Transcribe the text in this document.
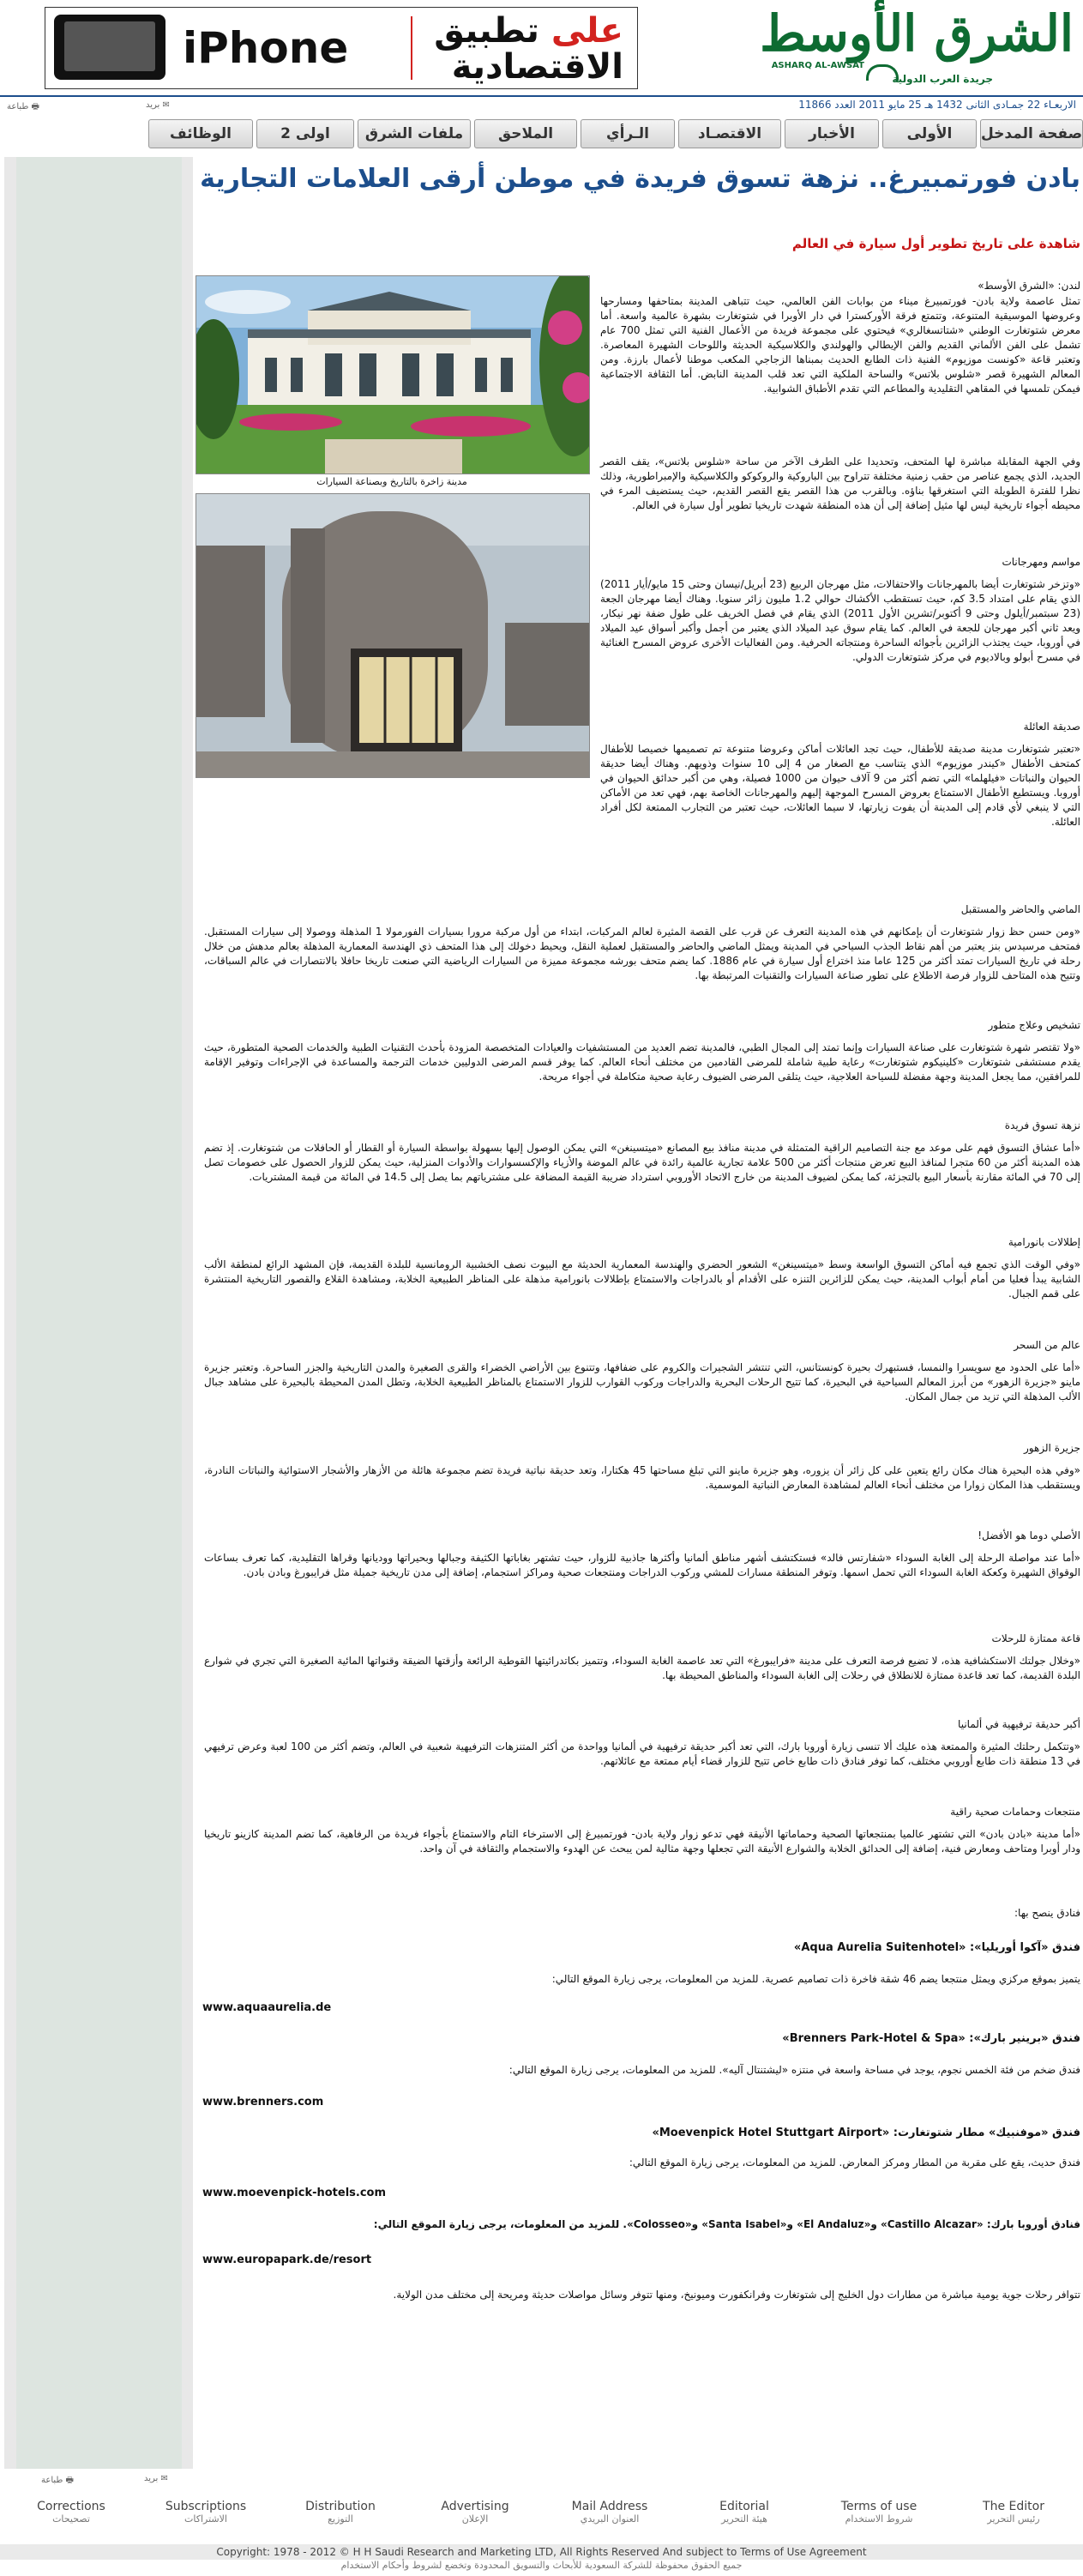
الشرق الأوسط
ASHARQ AL-AWSAT
جريدة العرب الدولية
iPhone	على تطبيق
الاقتصادية
الاربعـاء 22 جمـادى الثانى 1432 هـ 25 مايو 2011 العدد 11866
🖶 طباعة	✉ بريد
صفحة المدخل
الأولى
الأخبار
الاقتصـاد
الـرأي
الملاحق
ملفات الشرق
اولى 2
الوظائف
بادن فورتمبيرغ.. نزهة تسوق فريدة في موطن أرقى العلامات التجارية
شاهدة على تاريخ تطوير أول سيارة في العالم
مدينة زاخرة بالتاريخ وبصناعة السيارات
لندن: «الشرق الأوسط»
تمثل عاصمة ولاية بادن- فورتمبيرغ ميناء من بوابات الفن العالمي، حيث تتباهى المدينة بمتاحفها ومسارحها وعروضها الموسيقية المتنوعة، وتتمتع فرقة الأوركسترا في دار الأوبرا في شتوتغارت بشهرة عالمية واسعة. أما معرض شتوتغارت الوطني «شتاتسغالري» فيحتوي على مجموعة فريدة من الأعمال الفنية التي تمثل 700 عام تشمل على الفن الألماني القديم والفن الإيطالي والهولندي والكلاسيكية الحديثة واللوحات الشهيرة المعاصرة. وتعتبر قاعة «كونست موزيوم» الفنية ذات الطابع الحديث بمبناها الزجاجي المكعب موطنا لأعمال بارزة. ومن المعالم الشهيرة قصر «شلوس بلاتس» والساحة الملكية التي تعد قلب المدينة النابض. أما الثقافة الاجتماعية فيمكن تلمسها في المقاهي التقليدية والمطاعم التي تقدم الأطباق الشوابية.
وفي الجهة المقابلة مباشرة لها المتحف، وتحديدا على الطرف الآخر من ساحة «شلوس بلاتس»، يقف القصر الجديد، الذي يجمع عناصر من حقب زمنية مختلفة تتراوح بين الباروكية والروكوكو والكلاسيكية والإمبراطورية، وذلك نظرا للفترة الطويلة التي استغرقها بناؤه. وبالقرب من هذا القصر يقع القصر القديم، حيث يستضيف المرء في محيطه أجواء تاريخية ليس لها مثيل إضافة إلى أن هذه المنطقة شهدت تاريخيا تطوير أول سيارة في العالم.
مواسم ومهرجانات
«وتزخر شتوتغارت أيضا بالمهرجانات والاحتفالات، مثل مهرجان الربيع (23 أبريل/نيسان وحتى 15 مايو/أيار 2011) الذي يقام على امتداد 3.5 كم، حيث تستقطب الأكشاك حوالي 1.2 مليون زائر سنويا. وهناك أيضا مهرجان الجعة (23 سبتمبر/أيلول وحتى 9 أكتوبر/تشرين الأول 2011) الذي يقام في فصل الخريف على طول ضفة نهر نيكار، ويعد ثاني أكبر مهرجان للجعة في العالم. كما يقام سوق عيد الميلاد الذي يعتبر من أجمل وأكبر أسواق عيد الميلاد في أوروبا، حيث يجتذب الزائرين بأجوائه الساحرة ومنتجاته الحرفية. ومن الفعاليات الأخرى عروض المسرح الغنائية في مسرح أبولو وبالاديوم في مركز شتوتغارت الدولي.
صديقة العائلة
«تعتبر شتوتغارت مدينة صديقة للأطفال، حيث تجد العائلات أماكن وعروضا متنوعة تم تصميمها خصيصا للأطفال كمتحف الأطفال «كيندر موزيوم» الذي يتناسب مع الصغار من 4 إلى 10 سنوات وذويهم. وهناك أيضا حديقة الحيوان والنباتات «فيلهلما» التي تضم أكثر من 9 آلاف حيوان من 1000 فصيلة، وهي من أكبر حدائق الحيوان في أوروبا. ويستطيع الأطفال الاستمتاع بعروض المسرح الموجهة إليهم والمهرجانات الخاصة بهم، فهي تعد من الأماكن التي لا ينبغي لأي قادم إلى المدينة أن يفوت زيارتها، لا سيما العائلات، حيث تعتبر من التجارب الممتعة لكل أفراد العائلة.
الماضي والحاضر والمستقبل
«ومن حسن حظ زوار شتوتغارت أن بإمكانهم في هذه المدينة التعرف عن قرب على القصة المثيرة لعالم المركبات، ابتداء من أول مركبة مرورا بسيارات الفورمولا 1 المذهلة ووصولا إلى سيارات المستقبل. فمتحف مرسيدس بنز يعتبر من أهم نقاط الجذب السياحي في المدينة ويمثل الماضي والحاضر والمستقبل لعملية النقل، ويحيط دخولك إلى هذا المتحف ذي الهندسة المعمارية المذهلة بعالم مدهش من خلال رحلة في تاريخ السيارات تمتد أكثر من 125 عاما منذ اختراع أول سيارة في عام 1886. كما يضم متحف بورشه مجموعة مميزة من السيارات الرياضية التي صنعت تاريخا حافلا بالانتصارات في عالم السباقات، وتتيح هذه المتاحف للزوار فرصة الاطلاع على تطور صناعة السيارات والتقنيات المرتبطة بها.
تشخيص وعلاج متطور
«ولا تقتصر شهرة شتوتغارت على صناعة السيارات وإنما تمتد إلى المجال الطبي، فالمدينة تضم العديد من المستشفيات والعيادات المتخصصة المزودة بأحدث التقنيات الطبية والخدمات الصحية المتطورة، حيث يقدم مستشفى شتوتغارت «كلينيكوم شتوتغارت» رعاية طبية شاملة للمرضى القادمين من مختلف أنحاء العالم. كما يوفر قسم المرضى الدوليين خدمات الترجمة والمساعدة في الإجراءات وتوفير الإقامة للمرافقين، مما يجعل المدينة وجهة مفضلة للسياحة العلاجية، حيث يتلقى المرضى الضيوف رعاية صحية متكاملة في أجواء مريحة.
نزهة تسوق فريدة
«أما عشاق التسوق فهم على موعد مع جنة التصاميم الراقية المتمثلة في مدينة منافذ بيع المصانع «ميتسينغن» التي يمكن الوصول إليها بسهولة بواسطة السيارة أو القطار أو الحافلات من شتوتغارت. إذ تضم هذه المدينة أكثر من 60 متجرا لمنافذ البيع تعرض منتجات أكثر من 500 علامة تجارية عالمية رائدة في عالم الموضة والأزياء والإكسسوارات والأدوات المنزلية، حيث يمكن للزوار الحصول على خصومات تصل إلى 70 في المائة مقارنة بأسعار البيع بالتجزئة، كما يمكن لضيوف المدينة من خارج الاتحاد الأوروبي استرداد ضريبة القيمة المضافة على مشترياتهم بما يصل إلى 14.5 في المائة من قيمة المشتريات.
إطلالات بانورامية
«وفي الوقت الذي تجمع فيه أماكن التسوق الواسعة وسط «ميتسينغن» الشعور الحضري والهندسة المعمارية الحديثة مع البيوت نصف الخشبية الرومانسية للبلدة القديمة، فإن المشهد الرائع لمنطقة الألب الشابية يبدأ فعليا من أمام أبواب المدينة، حيث يمكن للزائرين التنزه على الأقدام أو بالدراجات والاستمتاع بإطلالات بانورامية مذهلة على المناظر الطبيعية الخلابة، ومشاهدة القلاع والقصور التاريخية المنتشرة على قمم الجبال.
عالم من السحر
«أما على الحدود مع سويسرا والنمسا، فستبهرك بحيرة كونستانس، التي تنتشر الشجيرات والكروم على ضفافها، وتتنوع بين الأراضي الخضراء والقرى الصغيرة والمدن التاريخية والجزر الساحرة. وتعتبر جزيرة ماينو «جزيرة الزهور» من أبرز المعالم السياحية في البحيرة، كما تتيح الرحلات البحرية والدراجات وركوب القوارب للزوار الاستمتاع بالمناظر الطبيعية الخلابة، وتطل المدن المحيطة بالبحيرة على مشاهد جبال الألب المذهلة التي تزيد من جمال المكان.
جزيرة الزهور
«وفي هذه البحيرة هناك مكان رائع يتعين على كل زائر أن يزوره، وهو جزيرة ماينو التي تبلغ مساحتها 45 هكتارا، وتعد حديقة نباتية فريدة تضم مجموعة هائلة من الأزهار والأشجار الاستوائية والنباتات النادرة، ويستقطب هذا المكان زوارا من مختلف أنحاء العالم لمشاهدة المعارض النباتية الموسمية.
الأصلي دوما هو الأفضل!
«أما عند مواصلة الرحلة إلى الغابة السوداء «شفارتس فالد» فستكتشف أشهر مناطق ألمانيا وأكثرها جاذبية للزوار، حيث تشتهر بغاباتها الكثيفة وجبالها وبحيراتها ووديانها وقراها التقليدية، كما تعرف بساعات الوقواق الشهيرة وكعكة الغابة السوداء التي تحمل اسمها. وتوفر المنطقة مسارات للمشي وركوب الدراجات ومنتجعات صحية ومراكز استجمام، إضافة إلى مدن تاريخية جميلة مثل فرايبورغ وبادن بادن.
قاعة ممتازة للرحلات
«وخلال جولتك الاستكشافية هذه، لا تضيع فرصة التعرف على مدينة «فرايبورغ» التي تعد عاصمة الغابة السوداء، وتتميز بكاتدرائيتها القوطية الرائعة وأزقتها الضيقة وقنواتها المائية الصغيرة التي تجري في شوارع البلدة القديمة، كما تعد قاعدة ممتازة للانطلاق في رحلات إلى الغابة السوداء والمناطق المحيطة بها.
أكبر حديقة ترفيهية في ألمانيا
«وتتكمل رحلتك المثيرة والممتعة هذه عليك ألا تنسى زيارة أوروبا بارك، التي تعد أكبر حديقة ترفيهية في ألمانيا وواحدة من أكثر المتنزهات الترفيهية شعبية في العالم، وتضم أكثر من 100 لعبة وعرض ترفيهي في 13 منطقة ذات طابع أوروبي مختلف، كما توفر فنادق ذات طابع خاص تتيح للزوار قضاء أيام ممتعة مع عائلاتهم.
منتجعات وحمامات صحية راقية
«أما مدينة «بادن بادن» التي تشتهر عالميا بمنتجعاتها الصحية وحماماتها الأنيقة فهي تدعو زوار ولاية بادن- فورتمبيرغ إلى الاسترخاء التام والاستمتاع بأجواء فريدة من الرفاهية، كما تضم المدينة كازينو تاريخيا ودار أوبرا ومتاحف ومعارض فنية، إضافة إلى الحدائق الخلابة والشوارع الأنيقة التي تجعلها وجهة مثالية لمن يبحث عن الهدوء والاستجمام والثقافة في آن واحد.
فنادق ينصح بها:
فندق «آكوا أوريليا»: «Aqua Aurelia Suitenhotel»
يتميز بموقع مركزي ويمثل منتجعا يضم 46 شقة فاخرة ذات تصاميم عصرية. للمزيد من المعلومات، يرجى زيارة الموقع التالي:
www.aquaaurelia.de
فندق «برينير بارك»: «Brenners Park-Hotel & Spa»
فندق ضخم من فئة الخمس نجوم، يوجد في مساحة واسعة في منتزه «ليشتنتال آليه». للمزيد من المعلومات، يرجى زيارة الموقع التالي:
www.brenners.com
فندق «موفنبيك» مطار شتوتغارت: «Moevenpick Hotel Stuttgart Airport»
فندق حديث، يقع على مقربة من المطار ومركز المعارض. للمزيد من المعلومات، يرجى زيارة الموقع التالي:
www.moevenpick-hotels.com
فنادق أوروبا بارك: «Castillo Alcazar» و«El Andaluz» و«Santa Isabel» و«Colosseo». للمزيد من المعلومات، يرجى زيارة الموقع التالي:
www.europapark.de/resort
تتوافر رحلات جوية يومية مباشرة من مطارات دول الخليج إلى شتوتغارت وفرانكفورت وميونيخ، ومنها تتوفر وسائل مواصلات حديثة ومريحة إلى مختلف مدن الولاية.
🖶 طباعة	✉ بريد
Corrections
تصحيحات
Subscriptions
الاشتراكات
Distribution
التوزيع
Advertising
الإعلان
Mail Address
العنوان البريدي
Editorial
هيئة التحرير
Terms of use
شروط الاستخدام
The Editor
رئيس التحرير
Copyright: 1978 - 2012 © H H Saudi Research and Marketing LTD, All Rights Reserved And subject to Terms of Use Agreement
جميع الحقوق محفوظة للشركة السعودية للأبحاث والتسويق المحدودة وتخضع لشروط وأحكام الاستخدام
